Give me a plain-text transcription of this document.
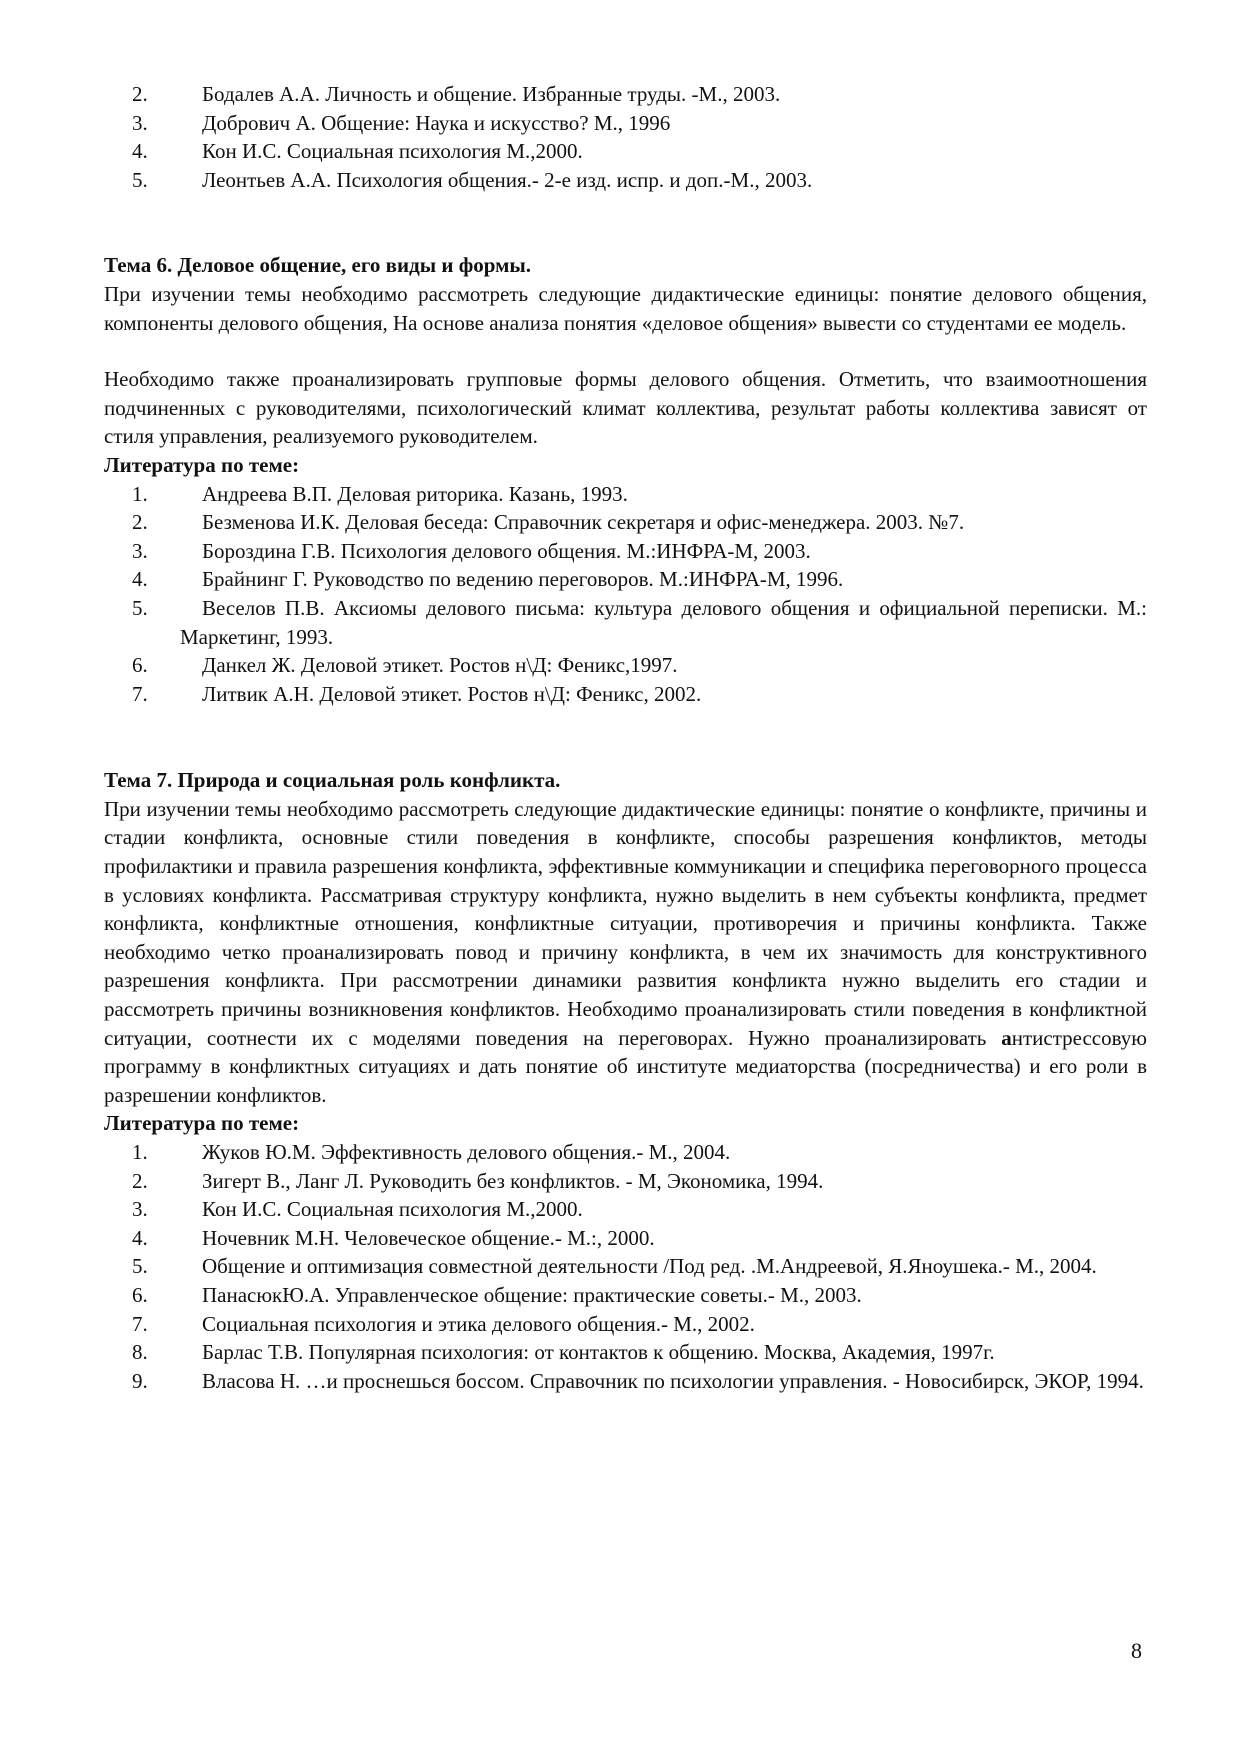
2.	Бодалев А.А. Личность и общение. Избранные труды. -М., 2003.
3.	Добрович А. Общение: Наука и искусство? М., 1996
4.	Кон И.С. Социальная психология М.,2000.
5.	Леонтьев А.А. Психология общения.- 2-е изд. испр. и доп.-М., 2003.

Тема 6. Деловое общение, его виды и формы.

При изучении темы необходимо рассмотреть следующие дидактические единицы: понятие делового общения, компоненты делового общения, На основе анализа понятия «деловое общения» вывести со студентами ее модель.

Необходимо также проанализировать групповые формы делового общения. Отметить, что взаимоотношения подчиненных с руководителями, психологический климат коллектива, результат работы коллектива зависят от стиля управления, реализуемого руководителем.

Литература по теме:

1.	Андреева В.П. Деловая риторика. Казань, 1993.
2.	Безменова И.К. Деловая беседа: Справочник секретаря и офис-менеджера. 2003. №7.
3.	Бороздина Г.В. Психология делового общения. М.:ИНФРА-М, 2003.
4.	Брайнинг Г. Руководство по ведению переговоров. М.:ИНФРА-М, 1996.
5.	Веселов П.В. Аксиомы делового письма: культура делового общения и официальной переписки. М.: Маркетинг, 1993.
6.	Данкел Ж. Деловой этикет. Ростов н\Д: Феникс,1997.
7.	Литвик А.Н. Деловой этикет. Ростов н\Д: Феникс, 2002.

Тема 7. Природа и социальная роль конфликта.

При изучении темы необходимо рассмотреть следующие дидактические единицы: понятие о конфликте, причины и стадии конфликта, основные стили поведения в конфликте, способы разрешения конфликтов, методы профилактики и правила разрешения конфликта, эффективные коммуникации и специфика переговорного процесса в условиях конфликта. Рассматривая структуру конфликта, нужно выделить в нем субъекты конфликта, предмет конфликта, конфликтные отношения, конфликтные ситуации, противоречия и причины конфликта. Также необходимо четко проанализировать повод и причину конфликта, в чем их значимость для конструктивного разрешения конфликта. При рассмотрении динамики развития конфликта нужно выделить его стадии и рассмотреть причины возникновения конфликтов. Необходимо проанализировать стили поведения в конфликтной ситуации, соотнести их с моделями поведения на переговорах. Нужно проанализировать антистрессовую программу в конфликтных ситуациях и дать понятие об институте медиаторства (посредничества) и его роли в разрешении конфликтов.

Литература по теме:

1.	Жуков Ю.М. Эффективность делового общения.- М., 2004.
2.	Зигерт В., Ланг Л. Руководить без конфликтов. - М, Экономика, 1994.
3.	Кон И.С. Социальная психология М.,2000.
4.	Ночевник М.Н. Человеческое общение.- М.:, 2000.
5.	Общение и оптимизация совместной деятельности /Под ред. .М.Андреевой, Я.Яноушека.- М., 2004.
6.	ПанасюкЮ.А. Управленческое общение: практические советы.- М., 2003.
7.	Социальная психология и этика делового общения.- М., 2002.
8.	Барлас Т.В. Популярная психология: от контактов к общению. Москва, Академия, 1997г.
9.	Власова Н. …и проснешься боссом. Справочник по психологии управления. - Новосибирск, ЭКОР, 1994.
8
